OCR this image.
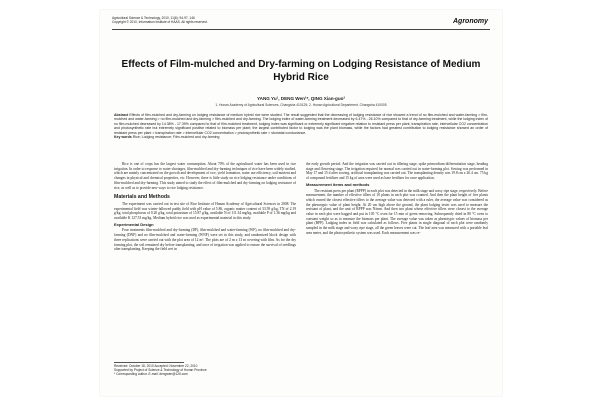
Agricultural Science & Technology, 2010, 11(6): 94-97, 146
Copyright © 2010, Information Institute of HAAS. All rights reserved.	Agronomy
Effects of Film-mulched and Dry-farming on Lodging Resistance of Medium Hybrid Rice
YANG Yu¹, DENG Wen¹*, QING Xian-guo²
1. Hunan Academy of Agricultural Sciences, Changsha 410125; 2. Hunan Agricultural Department, Changsha 410005
Abstract Effects of film-mulched and dry-farming on lodging resistance of medium hybrid rice were studied. The result suggested that the decreasing of lodging resistance of rice showed a trend of no film-mulched and water-farming > film-mulched and water-farming > no film-mulched and dry-farming > film-mulched and dry-farming. The lodging index of water-farming treatment decreased by 6.47% - 26.10% compared to that of dry-farming treatment, while the lodging index of no film-mulched decreased by 14.38% - 17.39% compared to that of film-mulched treatment, lodging index was significant or extremely significant negative relation to resistant press per plant, transpiration rate, intercellular CO2 concentration and photosynthetic rate but extremely significant positive related to biomass per plant; the largest contributed factor to lodging was the plant biomass, while the factors had greatest contribution to lodging resistance showed an order of resistant press per plant > transpiration rate > intercellular CO2 concentration > photosynthetic rate > stomatal conductance.
Key words Rice; Lodging resistance; Film-mulched and dry-farming

Rice is one of crops has the largest water consumption. About 70% of the agricultural water has been used in rice irrigation. In order to response to water shortages, film-mulched and dry-farming techniques of rice have been widely studied, which are mainly concentrated on the growth and development of rice, yield formation, water use efficiency, soil nutrient and changes in physical and chemical properties, etc. However, there is little study on rice lodging resistance under conditions of film-mulched and dry-farming. This study aimed to study the effect of film-mulched and dry-farming on lodging resistance of rice, as well as to provide new ways to rice lodging resistance.

Materials and Methods

The experiment was carried out in test site of Rice Institute of Hunan Academy of Agricultural Sciences in 2008. The experimental field was winter-fallowed paddy field with pH value of 5.86, organic matter content of 33.59 g/kg, TN of 2.19 g/kg, total phosphorus of 0.20 g/kg, total potassium of 15.87 g/kg, available N of 111.34 mg/kg, available P of 1.36 mg/kg and available K 127.53 mg/kg. Medium hybrid rice was used as experimental material in this study.

Experimental Design

Four treatments film-mulched and dry-farming (DF), film-mulched and water-farming (WF), no film-mulched and dry-farming (DNF) and no film-mulched and water-farming (WNF) were set in this study, and randomized block design with three replications were carried out with the plot area of 12 m². The plots are of 2 m x 13 m covering with film. As for the dry farming plot, the soil remained dry before transplanting, and once of irrigation was applied to ensure the survival of seedlings after transplanting. Keeping the field wet in

the early growth period. And the irrigation was carried out in tillering stage, spike primordium differentiation stage, heading stage and flowering stage. The irrigation required for normal was carried out in water-farming plot. Sowing was performed in May 17 and 15 d after sowing, artificial transplanting was carried out. The transplanting density was 19.8 cm x 26.4 cm. 75 kg of compound fertilizer and 15 kg of urea were used as base fertilizer for once application.

Measurement items and methods

The resistant press per plant (RPPP) in each plot was detected in the milk stage and waxy ripe stage, respectively. Before measurement, the number of effective tillers of 10 plants in each plot was counted. And then the plant height of five plants which owned the closest effective tillers to the average value was detected with a ruler, the average value was considered as the phenotypic value of plant height. At 20 cm high above the ground, the plant lodging tester was used to measure the resistant of plant, and the unit of RPPP was N/mm. And then two plant whose effective tillers were closest to the average value in each plot were bagged and put in 105 °C oven for 15 min of green removing. Subsequently dried in 80 °C oven to constant weight so as to measure the biomass per plant. The average value was taken as phenotypic values of biomass per plant (BPP). Lodging index in field was calculated as follows. Five plants in single diagonal of each plot were randomly sampled in the milk stage and waxy ripe stage, all the green leaves were cut. The leaf area was measured with a portable leaf area meter, and the photosynthetic system was used. Each measurement was re-

Received: October 18, 2010 Accepted: November 22, 2010
Supported by Project of Science & Technology of Hunan Province
* Corresponding author. E-mail: dengwen@126.com
